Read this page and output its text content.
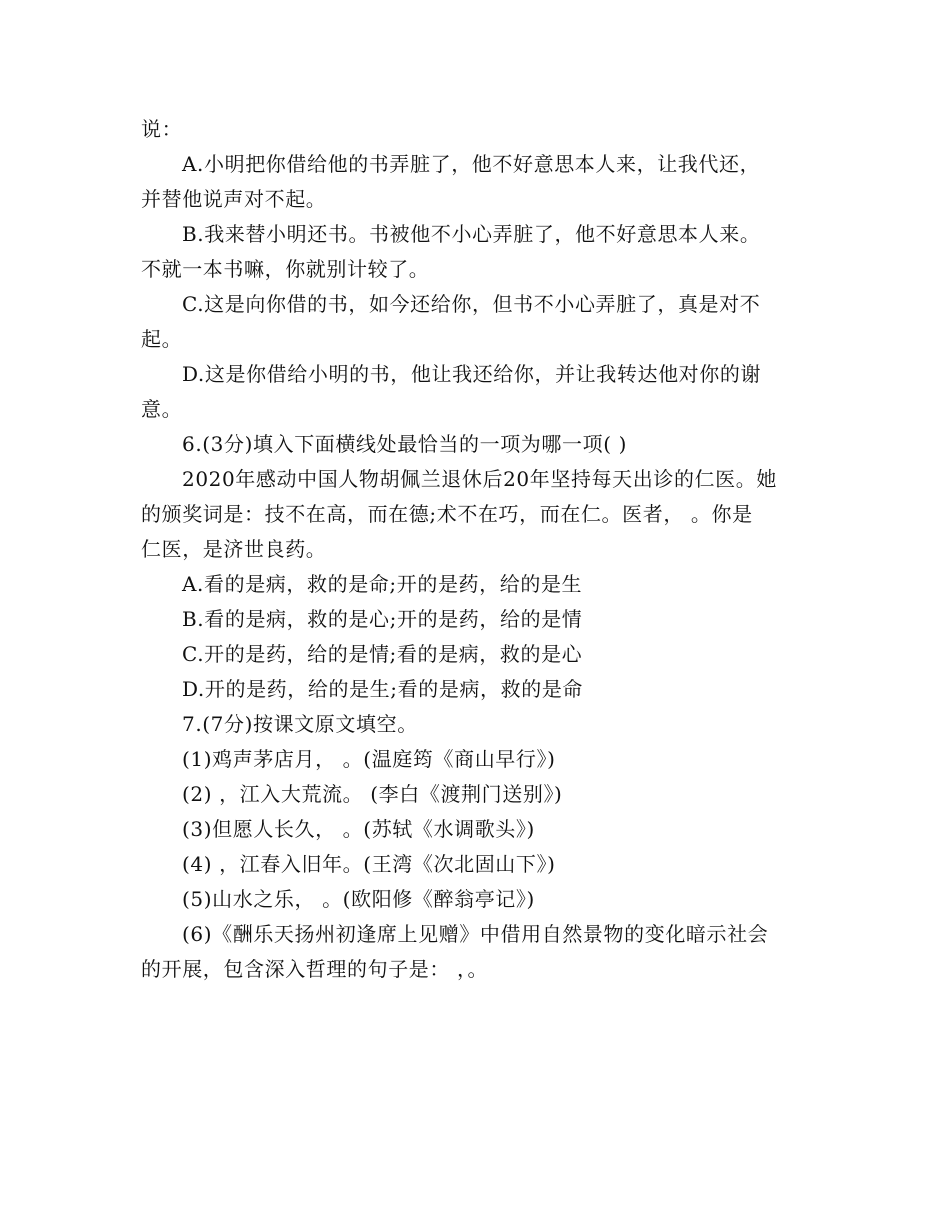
说：
A.小明把你借给他的书弄脏了，他不好意思本人来，让我代还，
并替他说声对不起。
B.我来替小明还书。书被他不小心弄脏了，他不好意思本人来。
不就一本书嘛，你就别计较了。
C.这是向你借的书，如今还给你，但书不小心弄脏了，真是对不
起。
D.这是你借给小明的书，他让我还给你，并让我转达他对你的谢
意。
6.(3分)填入下面横线处最恰当的一项为哪一项( )
2020年感动中国人物胡佩兰退休后20年坚持每天出诊的仁医。她
的颁奖词是：技不在高，而在德;术不在巧，而在仁。医者， 。你是
仁医，是济世良药。
A.看的是病，救的是命;开的是药，给的是生
B.看的是病，救的是心;开的是药，给的是情
C.开的是药，给的是情;看的是病，救的是心
D.开的是药，给的是生;看的是病，救的是命
7.(7分)按课文原文填空。
(1)鸡声茅店月， 。(温庭筠《商山早行》)
(2) ，江入大荒流。 (李白《渡荆门送别》)
(3)但愿人长久， 。(苏轼《水调歌头》)
(4) ，江春入旧年。(王湾《次北固山下》)
(5)山水之乐， 。(欧阳修《醉翁亭记》)
(6)《酬乐天扬州初逢席上见赠》中借用自然景物的变化暗示社会
的开展，包含深入哲理的句子是： ，。
